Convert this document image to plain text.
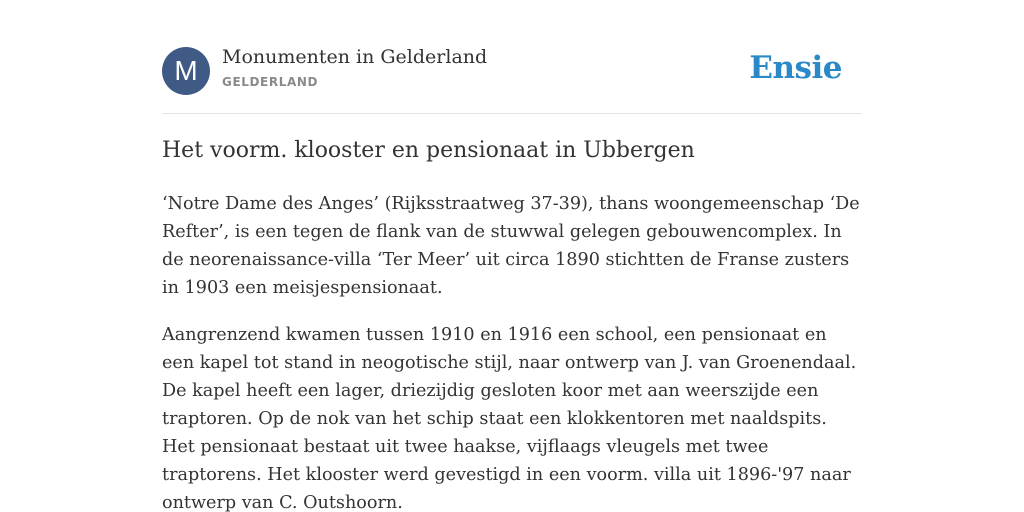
M	Monumenten in Gelderland
GELDERLAND	Ensie
Het voorm. klooster en pensionaat in Ubbergen

‘Notre Dame des Anges’ (Rijksstraatweg 37-39), thans woongemeenschap ‘De Refter’, is een tegen de flank van de stuwwal gelegen gebouwencomplex. In de neorenaissance-villa ‘Ter Meer’ uit circa 1890 stichtten de Franse zusters in 1903 een meisjespensionaat.

Aangrenzend kwamen tussen 1910 en 1916 een school, een pensionaat en een kapel tot stand in neogotische stijl, naar ontwerp van J. van Groenendaal. De kapel heeft een lager, driezijdig gesloten koor met aan weerszijde een traptoren. Op de nok van het schip staat een klokkentoren met naaldspits. Het pensionaat bestaat uit twee haakse, vijflaags vleugels met twee traptorens. Het klooster werd gevestigd in een voorm. villa uit 1896-'97 naar ontwerp van C. Outshoorn.
